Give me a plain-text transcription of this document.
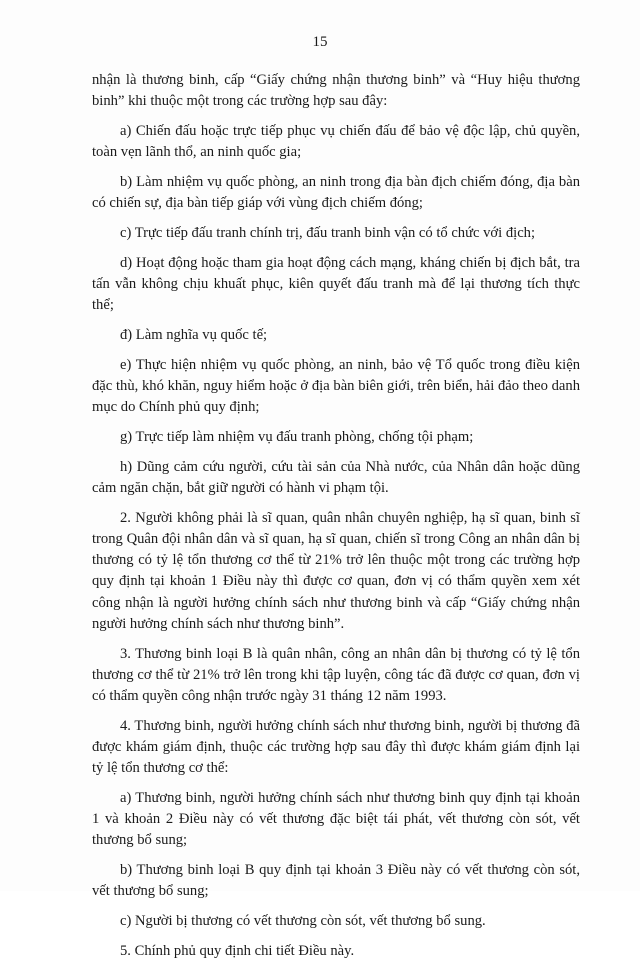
15

nhận là thương binh, cấp “Giấy chứng nhận thương binh” và “Huy hiệu thương binh” khi thuộc một trong các trường hợp sau đây:

a) Chiến đấu hoặc trực tiếp phục vụ chiến đấu để bảo vệ độc lập, chủ quyền, toàn vẹn lãnh thổ, an ninh quốc gia;

b) Làm nhiệm vụ quốc phòng, an ninh trong địa bàn địch chiếm đóng, địa bàn có chiến sự, địa bàn tiếp giáp với vùng địch chiếm đóng;

c) Trực tiếp đấu tranh chính trị, đấu tranh binh vận có tổ chức với địch;

d) Hoạt động hoặc tham gia hoạt động cách mạng, kháng chiến bị địch bắt, tra tấn vẫn không chịu khuất phục, kiên quyết đấu tranh mà để lại thương tích thực thể;

đ) Làm nghĩa vụ quốc tế;

e) Thực hiện nhiệm vụ quốc phòng, an ninh, bảo vệ Tổ quốc trong điều kiện đặc thù, khó khăn, nguy hiểm hoặc ở địa bàn biên giới, trên biển, hải đảo theo danh mục do Chính phủ quy định;

g) Trực tiếp làm nhiệm vụ đấu tranh phòng, chống tội phạm;

h) Dũng cảm cứu người, cứu tài sản của Nhà nước, của Nhân dân hoặc dũng cảm ngăn chặn, bắt giữ người có hành vi phạm tội.

2. Người không phải là sĩ quan, quân nhân chuyên nghiệp, hạ sĩ quan, binh sĩ trong Quân đội nhân dân và sĩ quan, hạ sĩ quan, chiến sĩ trong Công an nhân dân bị thương có tỷ lệ tổn thương cơ thể từ 21% trở lên thuộc một trong các trường hợp quy định tại khoản 1 Điều này thì được cơ quan, đơn vị có thẩm quyền xem xét công nhận là người hưởng chính sách như thương binh và cấp “Giấy chứng nhận người hưởng chính sách như thương binh”.

3. Thương binh loại B là quân nhân, công an nhân dân bị thương có tỷ lệ tổn thương cơ thể từ 21% trở lên trong khi tập luyện, công tác đã được cơ quan, đơn vị có thẩm quyền công nhận trước ngày 31 tháng 12 năm 1993.

4. Thương binh, người hưởng chính sách như thương binh, người bị thương đã được khám giám định, thuộc các trường hợp sau đây thì được khám giám định lại tỷ lệ tổn thương cơ thể:

a) Thương binh, người hưởng chính sách như thương binh quy định tại khoản 1 và khoản 2 Điều này có vết thương đặc biệt tái phát, vết thương còn sót, vết thương bổ sung;

b) Thương binh loại B quy định tại khoản 3 Điều này có vết thương còn sót, vết thương bổ sung;

c) Người bị thương có vết thương còn sót, vết thương bổ sung.

5. Chính phủ quy định chi tiết Điều này.
